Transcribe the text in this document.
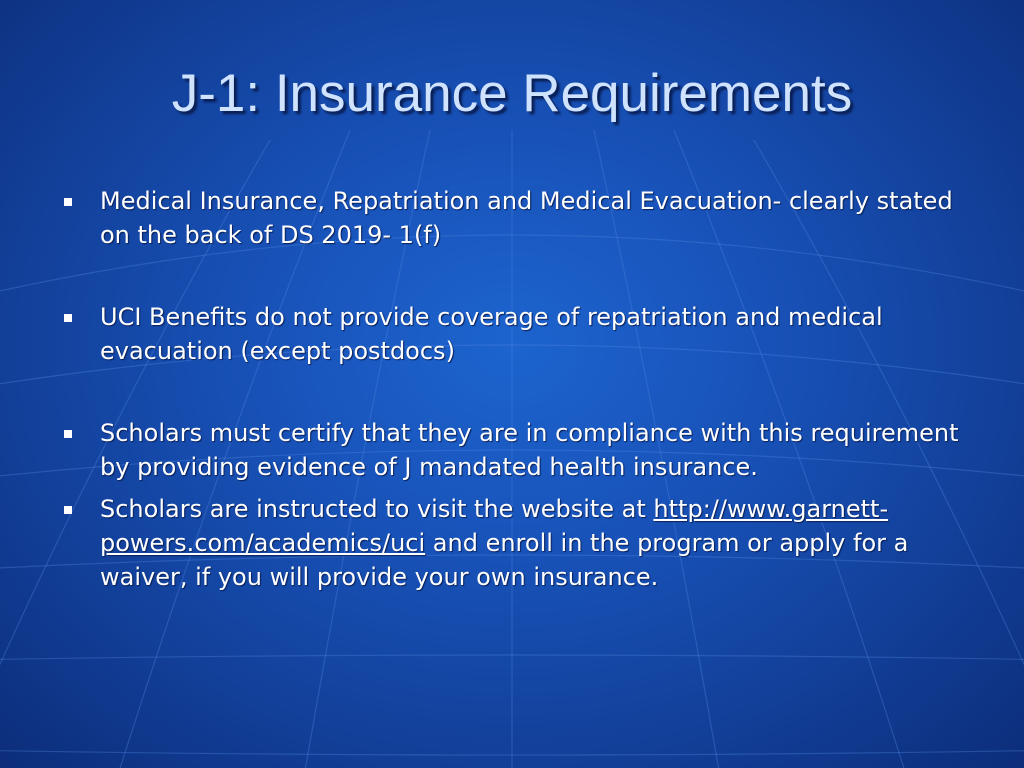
J-1: Insurance Requirements
Medical Insurance, Repatriation and Medical Evacuation- clearly stated on the back of DS 2019- 1(f)
UCI Benefits do not provide coverage of repatriation and medical evacuation (except postdocs)
Scholars must certify that they are in compliance with this requirement by providing evidence of J mandated health insurance.
Scholars are instructed to visit the website at http://www.garnett-powers.com/academics/uci and enroll in the program or apply for a waiver, if you will provide your own insurance.
